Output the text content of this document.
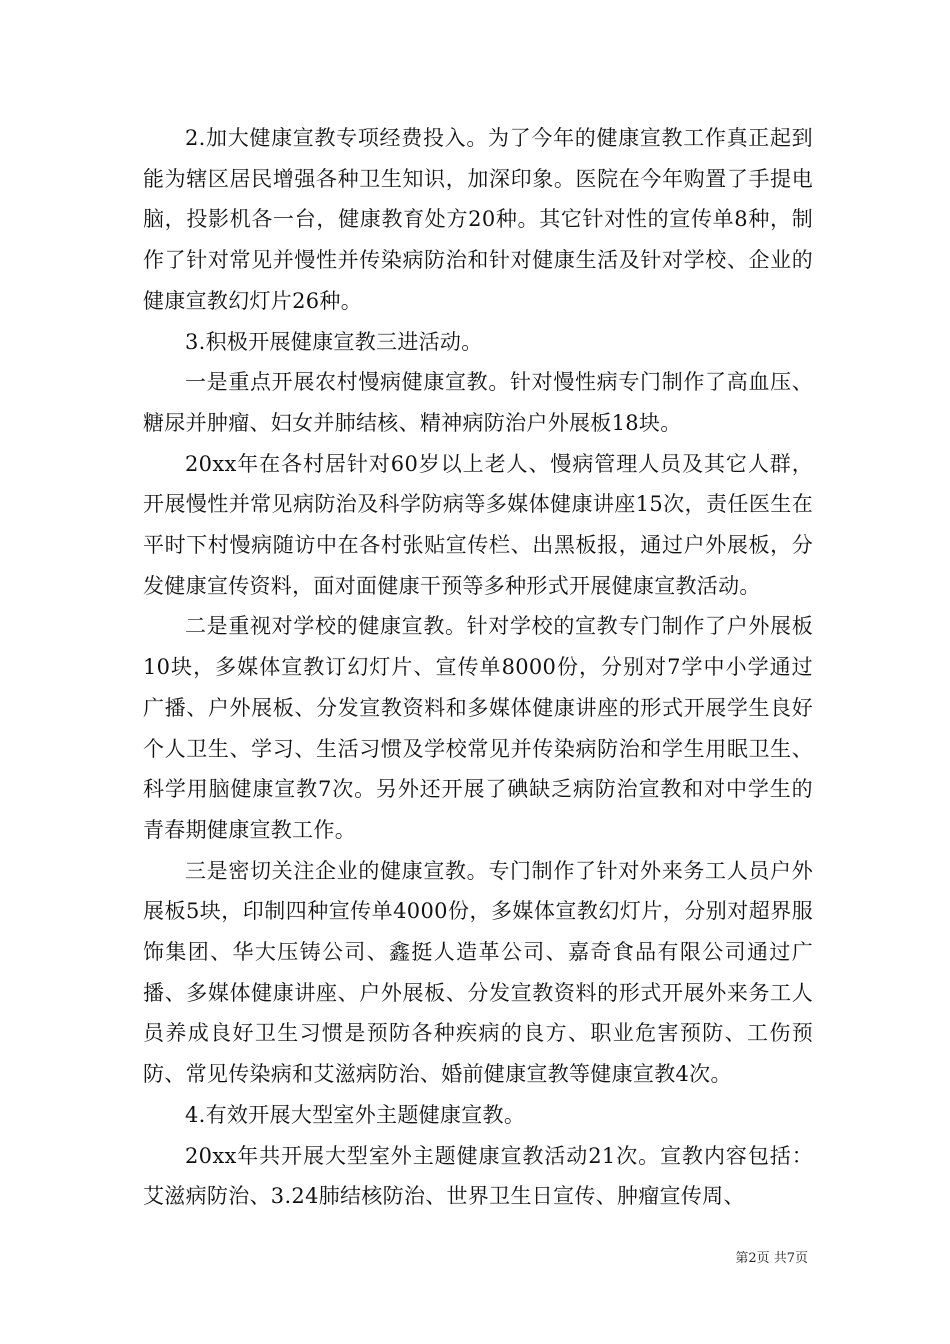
2.加大健康宣教专项经费投入。为了今年的健康宣教工作真正起到能为辖区居民增强各种卫生知识，加深印象。医院在今年购置了手提电脑，投影机各一台，健康教育处方20种。其它针对性的宣传单8种，制作了针对常见并慢性并传染病防治和针对健康生活及针对学校、企业的健康宣教幻灯片26种。

3.积极开展健康宣教三进活动。

一是重点开展农村慢病健康宣教。针对慢性病专门制作了高血压、糖尿并肿瘤、妇女并肺结核、精神病防治户外展板18块。

20xx年在各村居针对60岁以上老人、慢病管理人员及其它人群，开展慢性并常见病防治及科学防病等多媒体健康讲座15次，责任医生在平时下村慢病随访中在各村张贴宣传栏、出黑板报，通过户外展板，分发健康宣传资料，面对面健康干预等多种形式开展健康宣教活动。

二是重视对学校的健康宣教。针对学校的宣教专门制作了户外展板10块，多媒体宣教订幻灯片、宣传单8000份，分别对7学中小学通过广播、户外展板、分发宣教资料和多媒体健康讲座的形式开展学生良好个人卫生、学习、生活习惯及学校常见并传染病防治和学生用眠卫生、科学用脑健康宣教7次。另外还开展了碘缺乏病防治宣教和对中学生的青春期健康宣教工作。

三是密切关注企业的健康宣教。专门制作了针对外来务工人员户外展板5块，印制四种宣传单4000份，多媒体宣教幻灯片，分别对超界服饰集团、华大压铸公司、鑫挺人造革公司、嘉奇食品有限公司通过广播、多媒体健康讲座、户外展板、分发宣教资料的形式开展外来务工人员养成良好卫生习惯是预防各种疾病的良方、职业危害预防、工伤预防、常见传染病和艾滋病防治、婚前健康宣教等健康宣教4次。

4.有效开展大型室外主题健康宣教。

20xx年共开展大型室外主题健康宣教活动21次。宣教内容包括：艾滋病防治、3.24肺结核防治、世界卫生日宣传、肿瘤宣传周、

第2页 共7页
